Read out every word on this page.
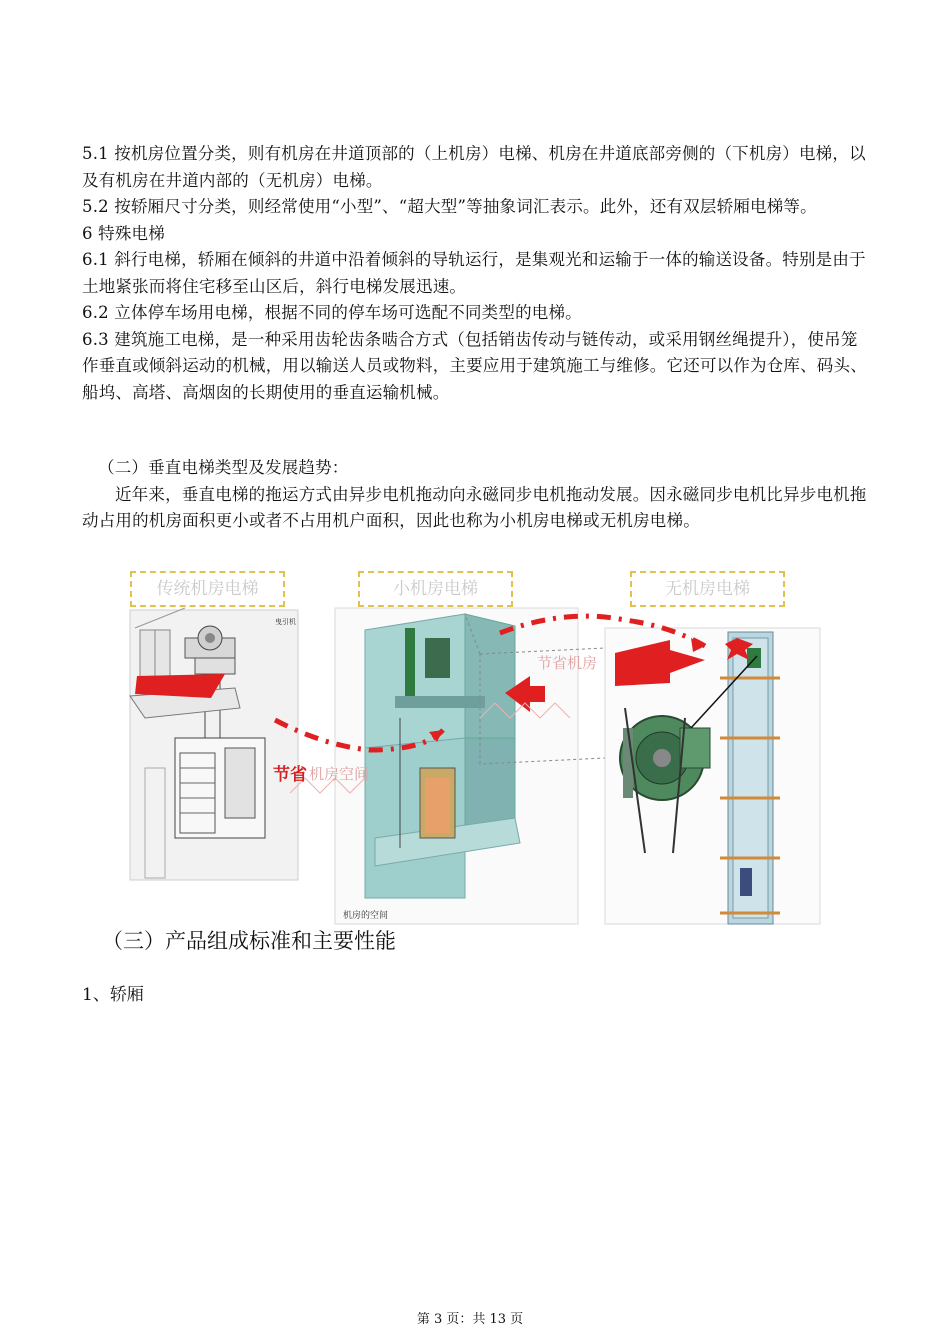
5.1 按机房位置分类，则有机房在井道顶部的（上机房）电梯、机房在井道底部旁侧的（下机房）电梯，以及有机房在井道内部的（无机房）电梯。

5.2 按轿厢尺寸分类，则经常使用“小型”、“超大型”等抽象词汇表示。此外，还有双层轿厢电梯等。

6 特殊电梯

6.1 斜行电梯，轿厢在倾斜的井道中沿着倾斜的导轨运行，是集观光和运输于一体的输送设备。特别是由于土地紧张而将住宅移至山区后，斜行电梯发展迅速。

6.2 立体停车场用电梯，根据不同的停车场可选配不同类型的电梯。

6.3 建筑施工电梯，是一种采用齿轮齿条啮合方式（包括销齿传动与链传动，或采用钢丝绳提升），使吊笼作垂直或倾斜运动的机械，用以输送人员或物料，主要应用于建筑施工与维修。它还可以作为仓库、码头、船坞、高塔、高烟囱的长期使用的垂直运输机械。

（二）垂直电梯类型及发展趋势：

近年来，垂直电梯的拖运方式由异步电机拖动向永磁同步电机拖动发展。因永磁同步电机比异步电机拖动占用的机房面积更小或者不占用机户面积，因此也称为小机房电梯或无机房电梯。

传统机房电梯	小机房电梯	无机房电梯
曳引机
节省 机房空间
节省机房
机房的空间
（三）产品组成标准和主要性能
1、轿厢
第 3 页：共 13 页
